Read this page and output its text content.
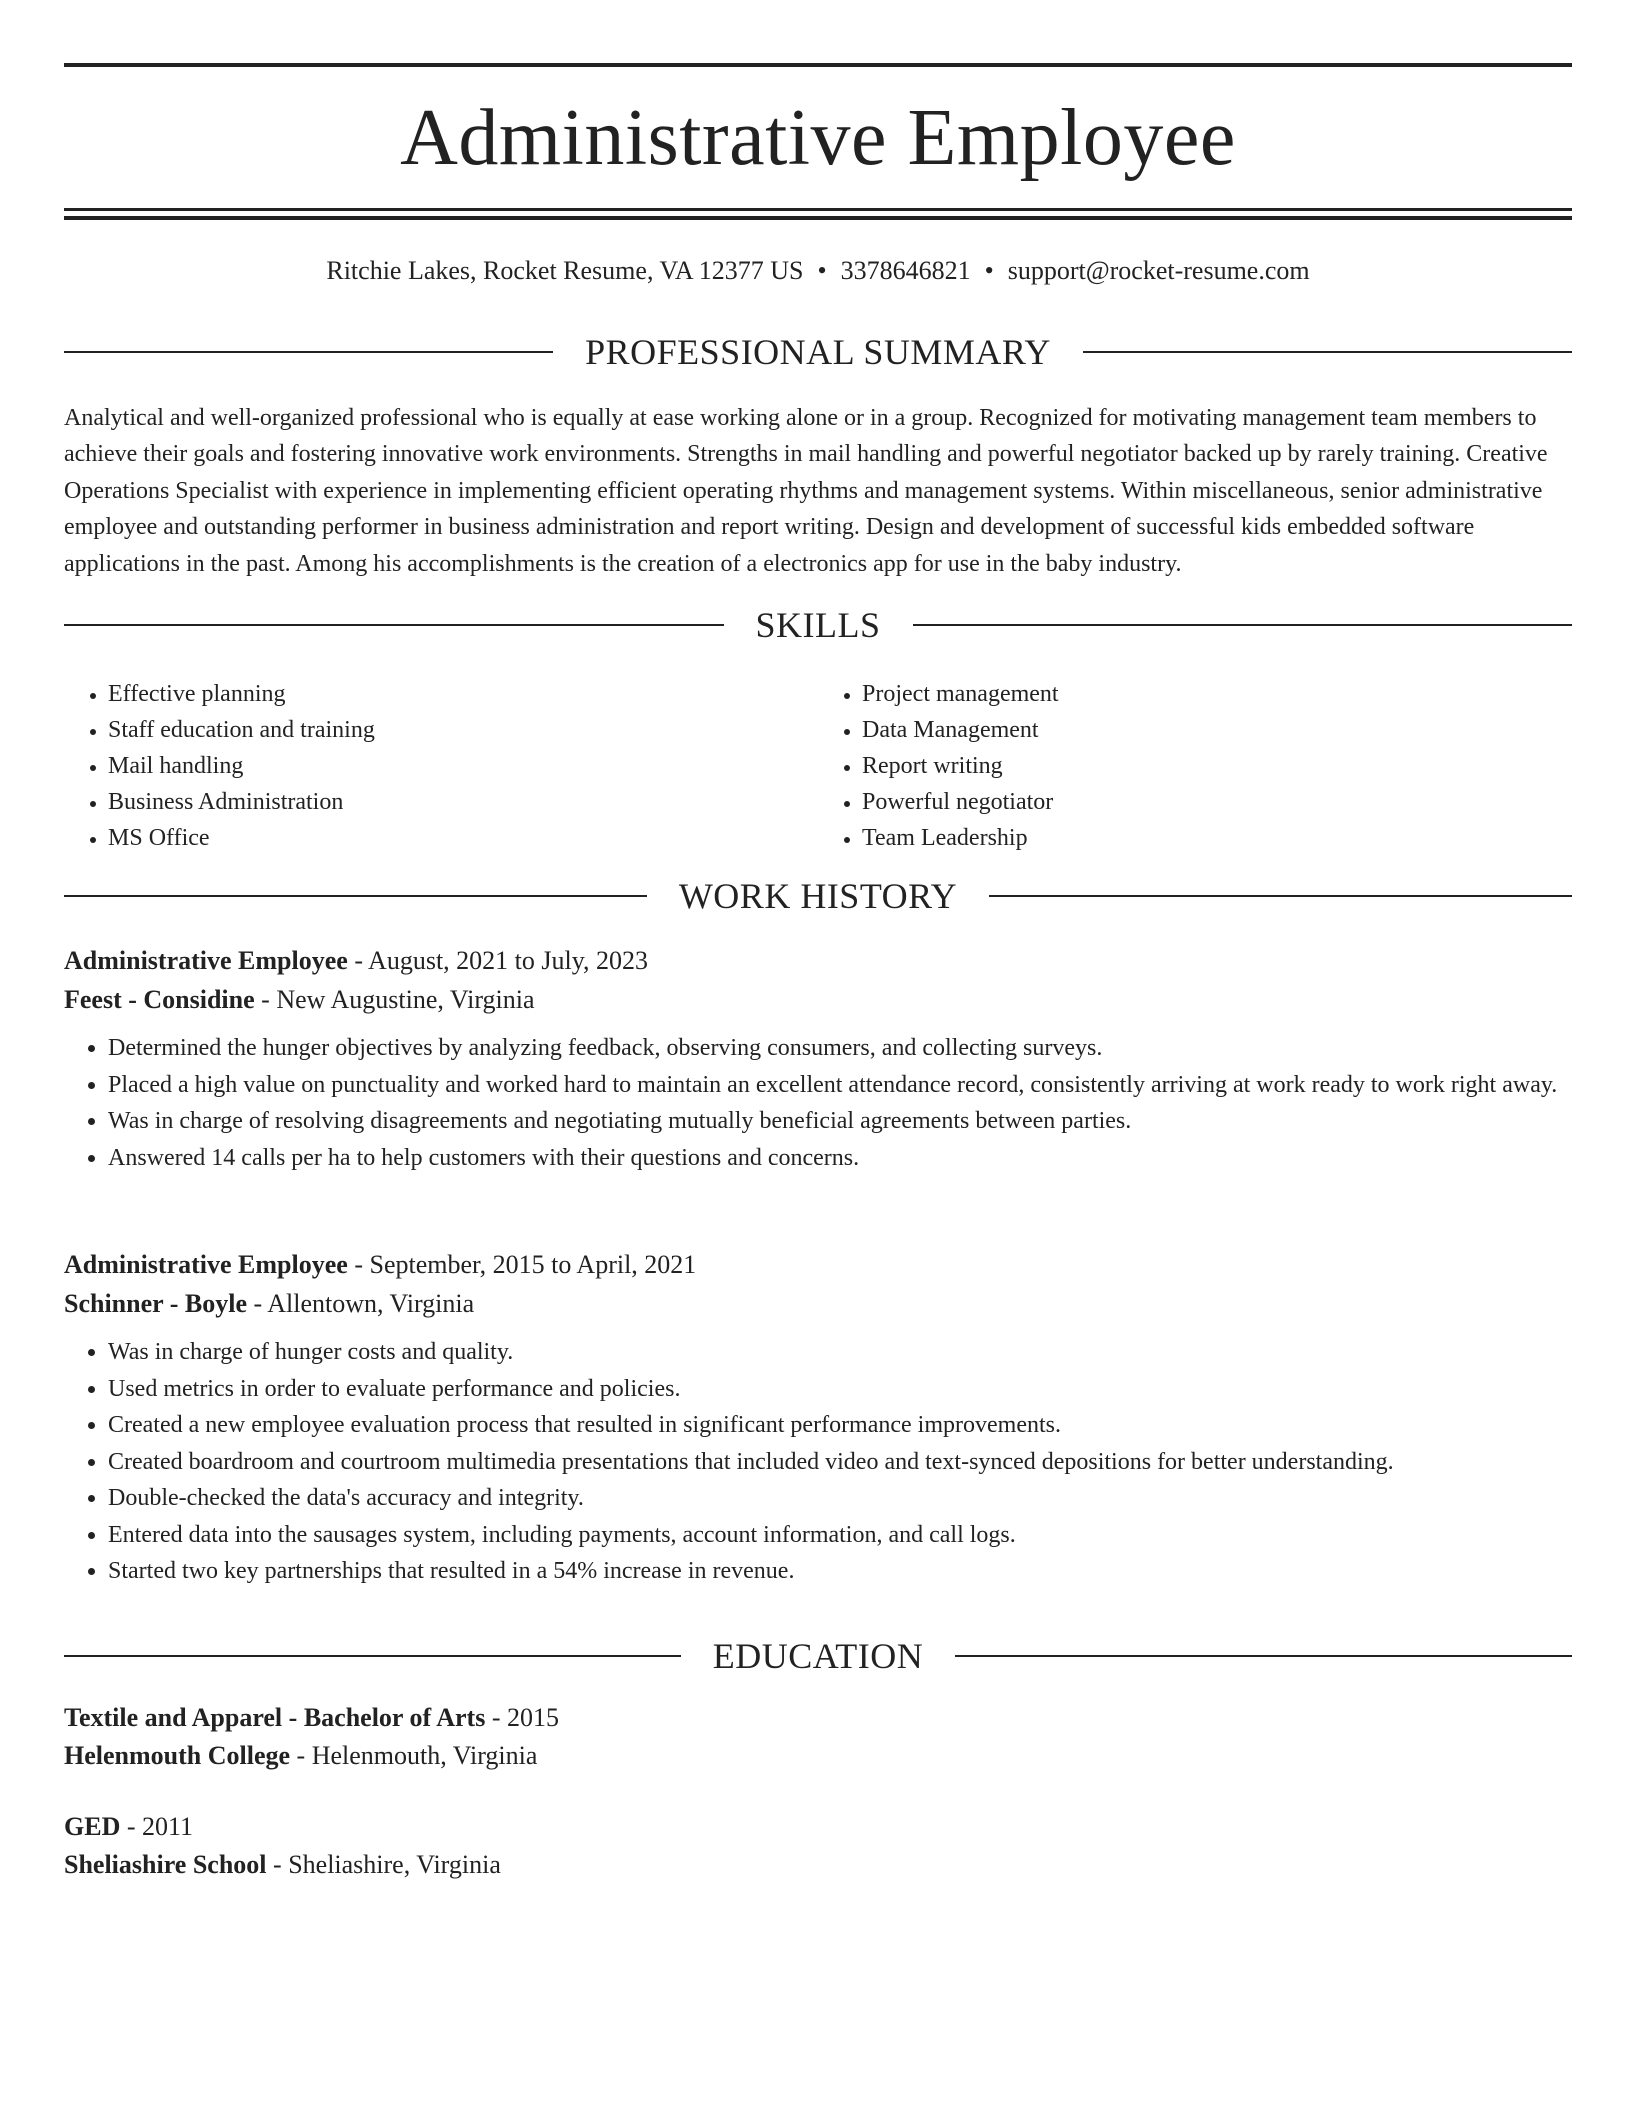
Administrative Employee
Ritchie Lakes, Rocket Resume, VA 12377 US • 3378646821 • support@rocket-resume.com
PROFESSIONAL SUMMARY

Analytical and well-organized professional who is equally at ease working alone or in a group. Recognized for motivating management team members to achieve their goals and fostering innovative work environments. Strengths in mail handling and powerful negotiator backed up by rarely training. Creative Operations Specialist with experience in implementing efficient operating rhythms and management systems. Within miscellaneous, senior administrative employee and outstanding performer in business administration and report writing. Design and development of successful kids embedded software applications in the past. Among his accomplishments is the creation of a electronics app for use in the baby industry.

SKILLS
• Effective planning
• Staff education and training
• Mail handling
• Business Administration
• MS Office
• Project management
• Data Management
• Report writing
• Powerful negotiator
• Team Leadership
WORK HISTORY
Administrative Employee - August, 2021 to July, 2023
Feest - Considine - New Augustine, Virginia
• Determined the hunger objectives by analyzing feedback, observing consumers, and collecting surveys.
• Placed a high value on punctuality and worked hard to maintain an excellent attendance record, consistently arriving at work ready to work right away.
• Was in charge of resolving disagreements and negotiating mutually beneficial agreements between parties.
• Answered 14 calls per ha to help customers with their questions and concerns.
Administrative Employee - September, 2015 to April, 2021
Schinner - Boyle - Allentown, Virginia
• Was in charge of hunger costs and quality.
• Used metrics in order to evaluate performance and policies.
• Created a new employee evaluation process that resulted in significant performance improvements.
• Created boardroom and courtroom multimedia presentations that included video and text-synced depositions for better understanding.
• Double-checked the data's accuracy and integrity.
• Entered data into the sausages system, including payments, account information, and call logs.
• Started two key partnerships that resulted in a 54% increase in revenue.
EDUCATION
Textile and Apparel - Bachelor of Arts - 2015
Helenmouth College - Helenmouth, Virginia
GED - 2011
Sheliashire School - Sheliashire, Virginia
